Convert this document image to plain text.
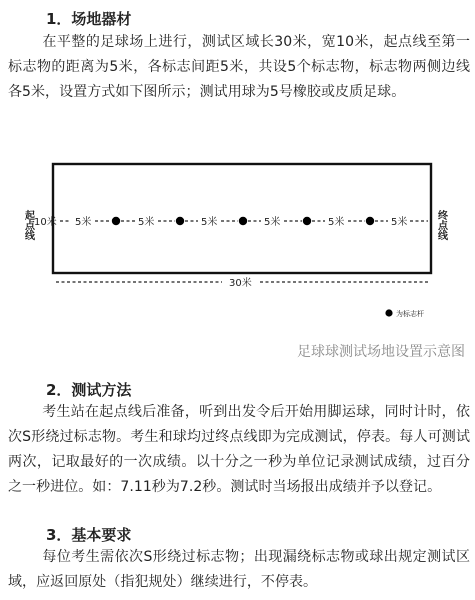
1．场地器材

在平整的足球场上进行，测试区域长30米，宽10米，起点线至第一标志物的距离为5米，各标志间距5米，共设5个标志物，标志物两侧边线各5米，设置方式如下图所示；测试用球为5号橡胶或皮质足球。

起点线	终点线
10米 5米	5米	5米	5米	5米	5米
30米
为标志杆
足球球测试场地设置示意图

2．测试方法

考生站在起点线后准备，听到出发令后开始用脚运球，同时计时，依次S形绕过标志物。考生和球均过终点线即为完成测试，停表。每人可测试两次，记取最好的一次成绩。以十分之一秒为单位记录测试成绩，过百分之一秒进位。如：7.11秒为7.2秒。测试时当场报出成绩并予以登记。

3．基本要求

每位考生需依次S形绕过标志物；出现漏绕标志物或球出规定测试区域，应返回原处（指犯规处）继续进行，不停表。
